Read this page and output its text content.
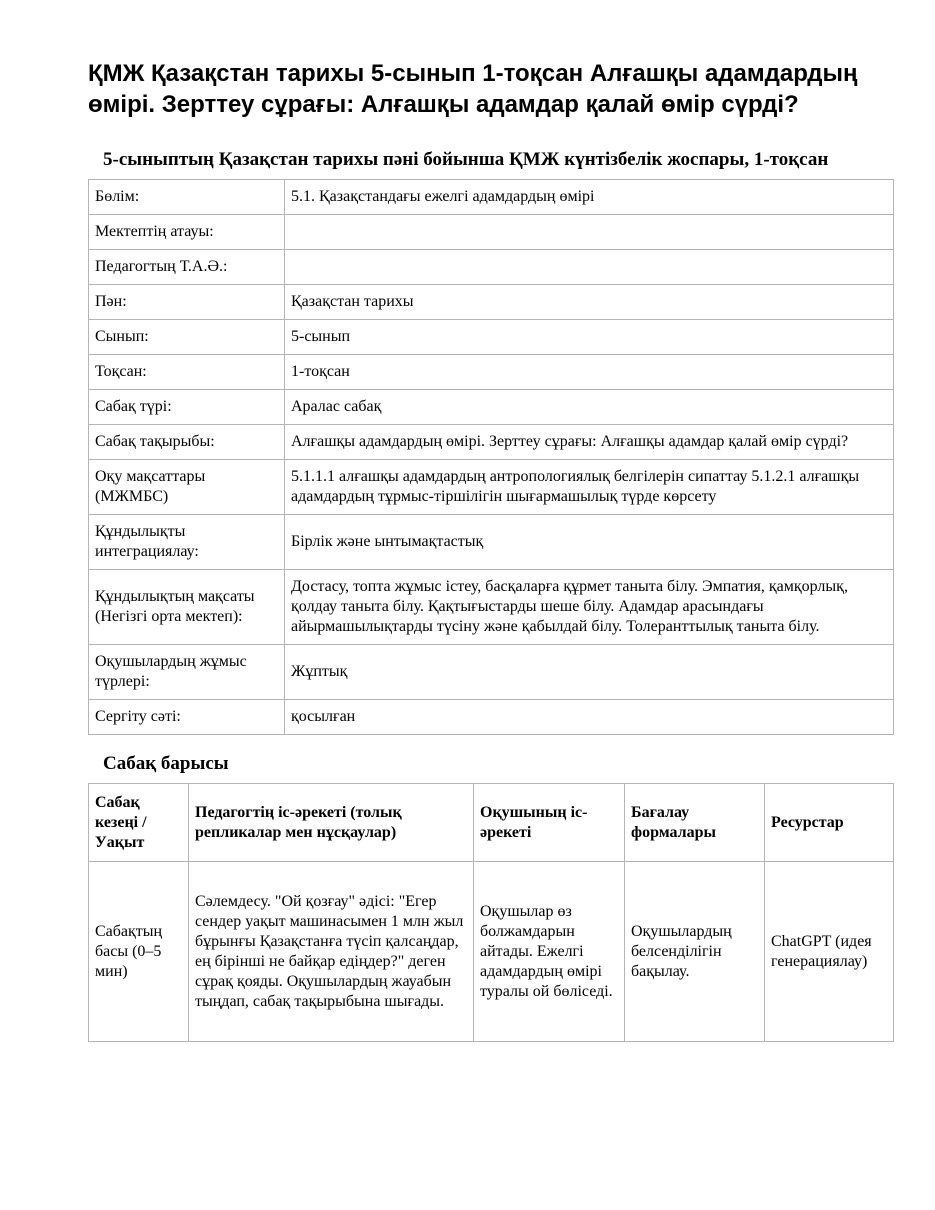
ҚМЖ Қазақстан тарихы 5-сынып 1-тоқсан Алғашқы адамдардың өмірі. Зерттеу сұрағы: Алғашқы адамдар қалай өмір сүрді?
5-сыныптың Қазақстан тарихы пәні бойынша ҚМЖ күнтізбелік жоспары, 1-тоқсан
Бөлім:	5.1. Қазақстандағы ежелгі адамдардың өмірі
Мектептің атауы:	
Педагогтың Т.А.Ә.:	
Пән:	Қазақстан тарихы
Сынып:	5-сынып
Тоқсан:	1-тоқсан
Сабақ түрі:	Аралас сабақ
Сабақ тақырыбы:	Алғашқы адамдардың өмірі. Зерттеу сұрағы: Алғашқы адамдар қалай өмір сүрді?
Оқу мақсаттары (МЖМБС)	5.1.1.1 алғашқы адамдардың антропологиялық белгілерін сипаттау 5.1.2.1 алғашқы адамдардың тұрмыс-тіршілігін шығармашылық түрде көрсету
Құндылықты интеграциялау:	Бірлік және ынтымақтастық
Құндылықтың мақсаты (Негізгі орта мектеп):	Достасу, топта жұмыс істеу, басқаларға құрмет таныта білу. Эмпатия, қамқорлық, қолдау таныта білу. Қақтығыстарды шеше білу. Адамдар арасындағы айырмашылықтарды түсіну және қабылдай білу. Толеранттылық таныта білу.
Оқушылардың жұмыс түрлері:	Жұптық
Сергіту сәті:	қосылған
Сабақ барысы
Сабақ кезеңі / Уақыт	Педагогтің іс-әрекеті (толық репликалар мен нұсқаулар)	Оқушының іс-әрекеті	Бағалау формалары	Ресурстар
Сабақтың басы (0–5 мин)	Сәлемдесу. "Ой қозғау" әдісі: "Егер сендер уақыт машинасымен 1 млн жыл бұрынғы Қазақстанға түсіп қалсаңдар, ең бірінші не байқар едіңдер?" деген сұрақ қояды. Оқушылардың жауабын тыңдап, сабақ тақырыбына шығады.	Оқушылар өз болжамдарын айтады. Ежелгі адамдардың өмірі туралы ой бөліседі.	Оқушылардың белсенділігін бақылау.	ChatGPT (идея генерациялау)
